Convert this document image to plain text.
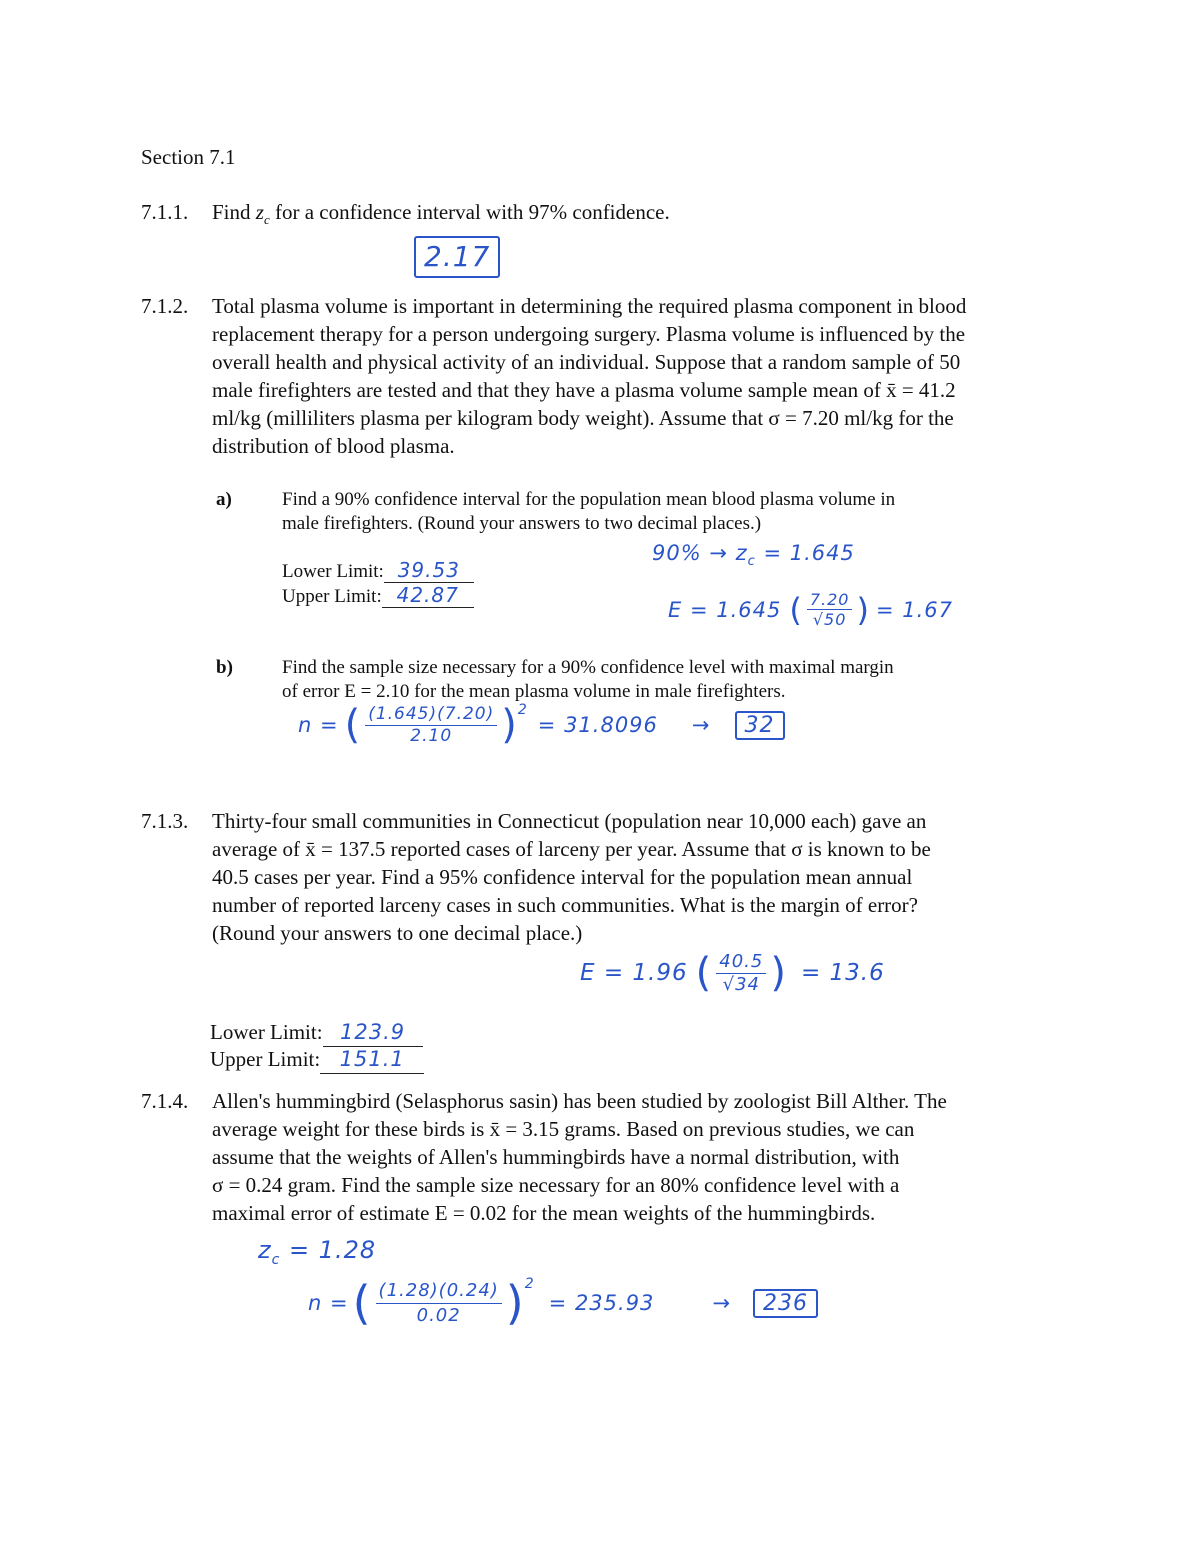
Section 7.1
7.1.1. Find $z_c$ for a confidence interval with 97% confidence.
2.17
7.1.2. Total plasma volume is important in determining the required plasma component in blood
replacement therapy for a person undergoing surgery. Plasma volume is influenced by the
overall health and physical activity of an individual. Suppose that a random sample of 50
male firefighters are tested and that they have a plasma volume sample mean of x̄ = 41.2
ml/kg (milliliters plasma per kilogram body weight). Assume that σ = 7.20 ml/kg for the
distribution of blood plasma.
a)	Find a 90% confidence interval for the population mean blood plasma volume in
male firefighters. (Round your answers to two decimal places.)
Lower Limit: 39.53
Upper Limit: 42.87
$90\% \to z_c = 1.645$
E = 1.645 ( $\frac{7.20}{√50}$ ) = 1.67
b)	Find the sample size necessary for a 90% confidence level with maximal margin
of error E = 2.10 for the mean plasma volume in male firefighters.
n = ( $\frac{(1.645)(7.20)}{2.10} )^2$
= 31.8096 →	32
7.1.3. Thirty-four small communities in Connecticut (population near 10,000 each) gave an
average of x̄ = 137.5 reported cases of larceny per year. Assume that σ is known to be
40.5 cases per year. Find a 95% confidence interval for the population mean annual
number of reported larceny cases in such communities. What is the margin of error?
(Round your answers to one decimal place.)
E = 1.96 ( $\frac{40.5}{√34}$ ) = 13.6
Lower Limit: 123.9
Upper Limit: 151.1
7.1.4. Allen's hummingbird (Selasphorus sasin) has been studied by zoologist Bill Alther. The
average weight for these birds is x̄ = 3.15 grams. Based on previous studies, we can
assume that the weights of Allen's hummingbirds have a normal distribution, with
σ = 0.24 gram. Find the sample size necessary for an 80% confidence level with a
maximal error of estimate E = 0.02 for the mean weights of the hummingbirds.
$z_c = 1.28$
n = ( $\frac{(1.28)(0.24)}{0.02} )^2$
= 235.93	→	236
